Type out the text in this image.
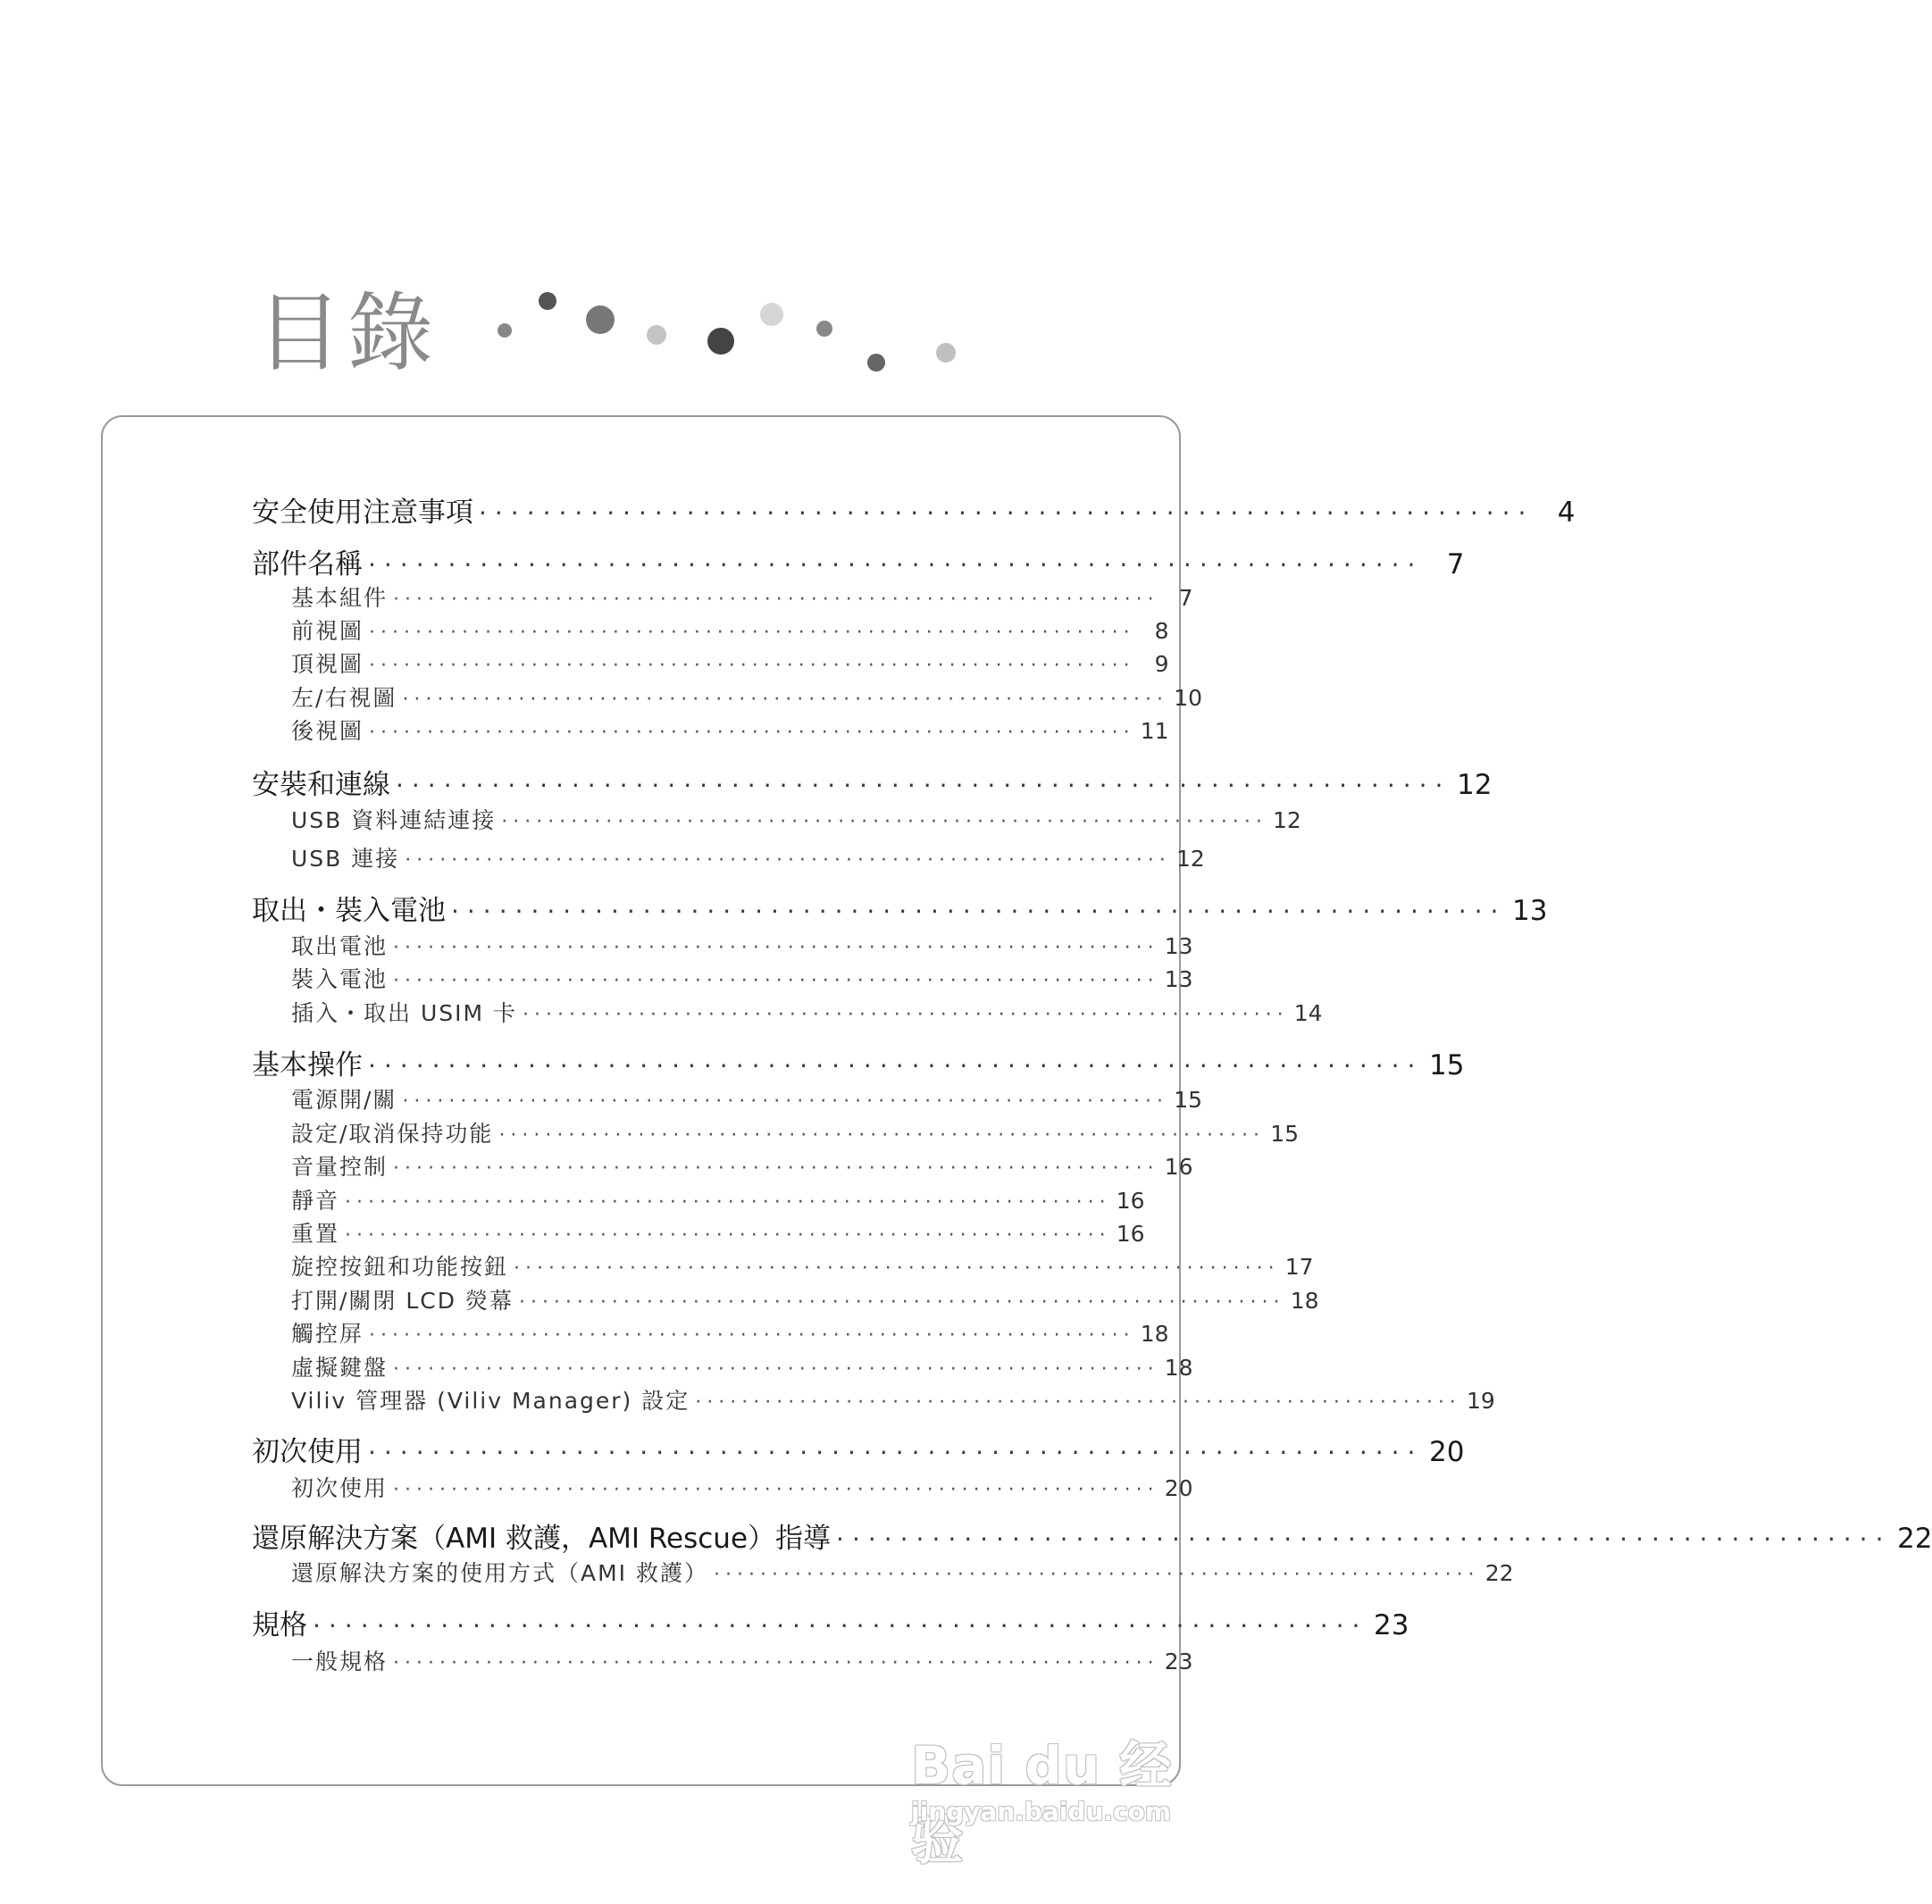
目錄
安全使用注意事項 ·································································· 4
部件名稱 ·································································· 7
基本組件 ·································································· 7
前視圖 ·································································· 8
頂視圖 ·································································· 9
左/右視圖 ·································································· 10
後視圖 ·································································· 11
安裝和連線 ·································································· 12
USB 資料連結連接 ·································································· 12
USB 連接 ·································································· 12
取出・裝入電池 ·································································· 13
取出電池 ·································································· 13
裝入電池 ·································································· 13
插入・取出 USIM 卡 ·································································· 14
基本操作 ·································································· 15
電源開/關 ·································································· 15
設定/取消保持功能 ·································································· 15
音量控制 ·································································· 16
靜音 ·································································· 16
重置 ·································································· 16
旋控按鈕和功能按鈕 ·································································· 17
打開/關閉 LCD 熒幕 ·································································· 18
觸控屏 ·································································· 18
虛擬鍵盤 ·································································· 18
Viliv 管理器 (Viliv Manager) 設定 ·································································· 19
初次使用 ·································································· 20
初次使用 ·································································· 20
還原解決方案（AMI 救護，AMI Rescue）指導 ·································································· 22
還原解決方案的使用方式（AMI 救護） ·································································· 22
規格 ·································································· 23
一般規格 ·································································· 23
Bai du 经验
jingyan.baidu.com
